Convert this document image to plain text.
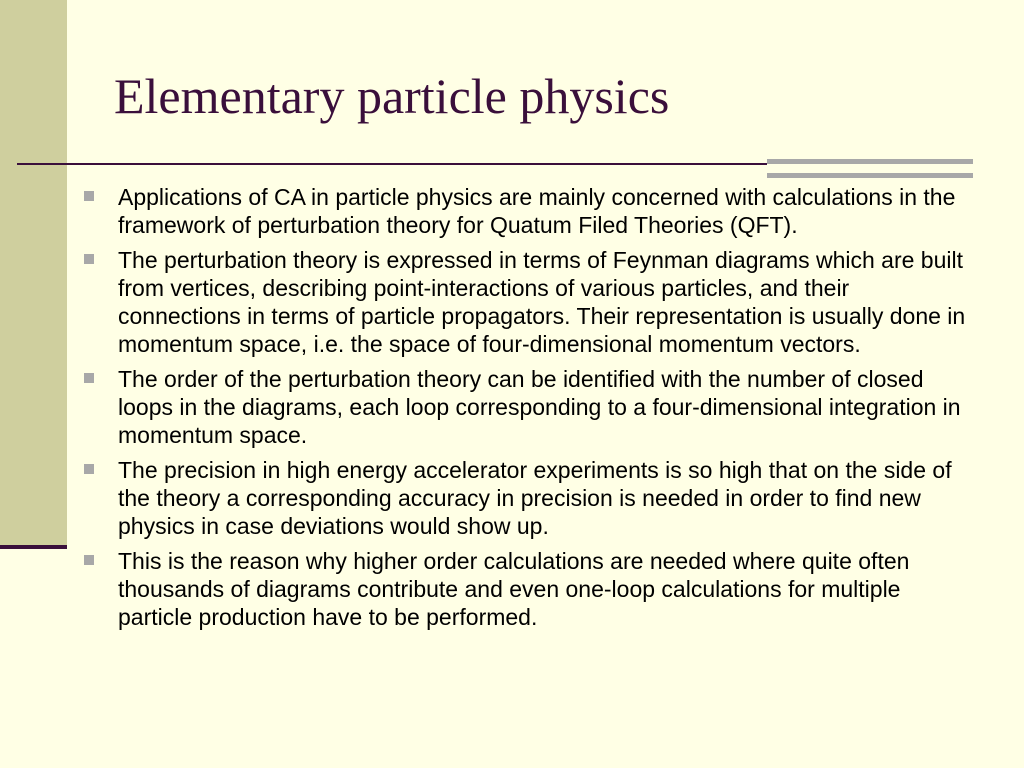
Elementary particle physics
Applications of CA in particle physics are mainly concerned with calculations in the framework of perturbation theory for Quatum Filed Theories (QFT).
The perturbation theory is expressed in terms of Feynman diagrams which are built from vertices, describing point-interactions of various particles, and their connections in terms of particle propagators. Their representation is usually done in momentum space, i.e. the space of four-dimensional momentum vectors.
The order of the perturbation theory can be identified with the number of closed loops in the diagrams, each loop corresponding to a four-dimensional integration in momentum space.
The precision in high energy accelerator experiments is so high that on the side of the theory a corresponding accuracy in precision is needed in order to find new physics in case deviations would show up.
This is the reason why higher order calculations are needed where quite often thousands of diagrams contribute and even one-loop calculations for multiple particle production have to be performed.
